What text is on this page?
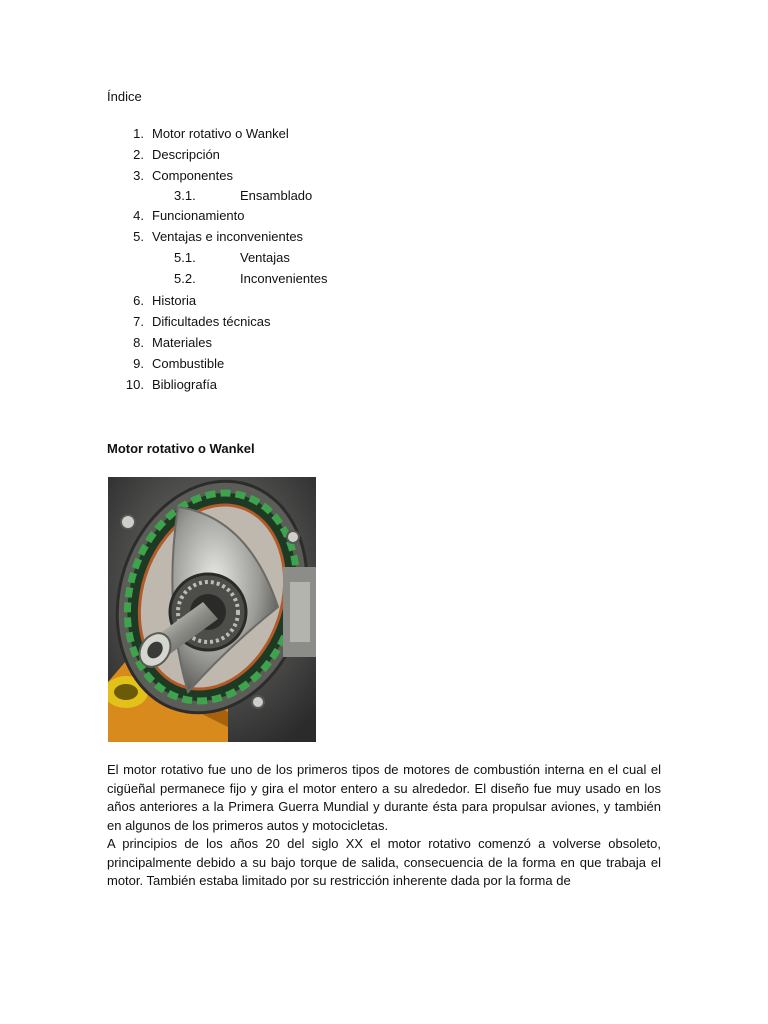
Índice
1. Motor rotativo o Wankel
2. Descripción
3. Componentes
3.1.	Ensamblado
4. Funcionamiento
5. Ventajas e inconvenientes
5.1.	Ventajas
5.2.	Inconvenientes
6. Historia
7. Dificultades técnicas
8. Materiales
9. Combustible
10. Bibliografía
Motor rotativo o Wankel

El motor rotativo fue uno de los primeros tipos de motores de combustión interna en el cual el cigüeñal permanece fijo y gira el motor entero a su alrededor. El diseño fue muy usado en los años anteriores a la Primera Guerra Mundial y durante ésta para propulsar aviones, y también en algunos de los primeros autos y motocicletas.

A principios de los años 20 del siglo XX el motor rotativo comenzó a volverse obsoleto, principalmente debido a su bajo torque de salida, consecuencia de la forma en que trabaja el motor. También estaba limitado por su restricción inherente dada por la forma de
